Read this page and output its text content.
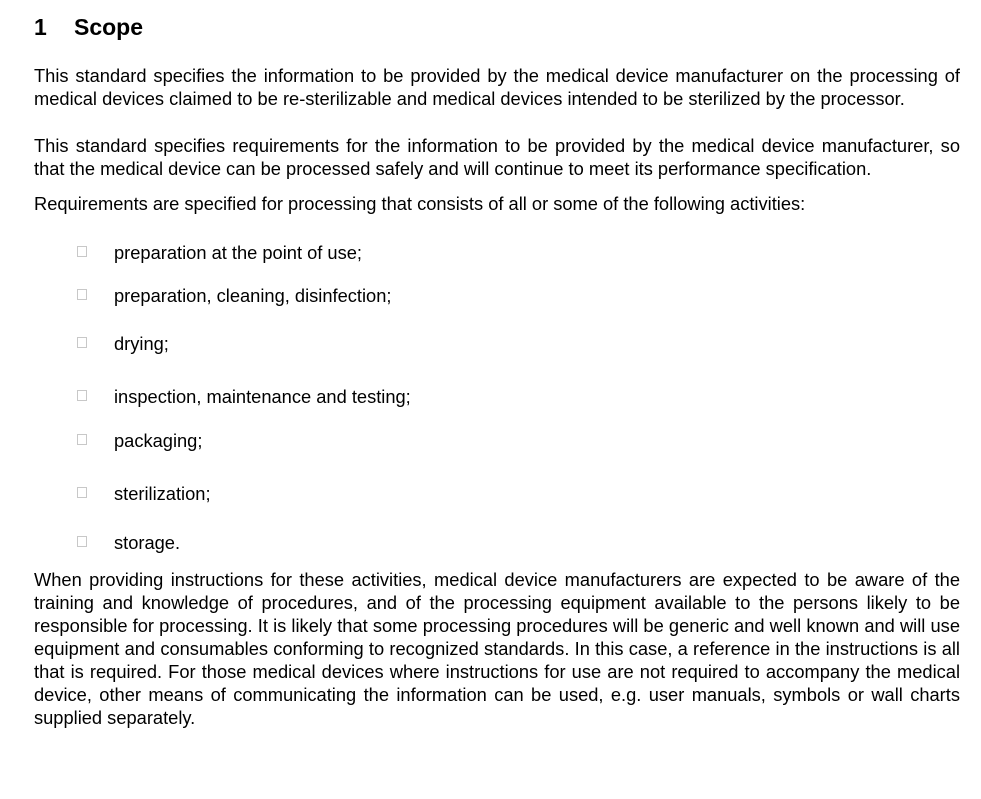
1	Scope

This standard specifies the information to be provided by the medical device manufacturer on the processing of medical devices claimed to be re-sterilizable and medical devices intended to be sterilized by the processor.

This standard specifies requirements for the information to be provided by the medical device manufacturer, so that the medical device can be processed safely and will continue to meet its performance specification.

Requirements are specified for processing that consists of all or some of the following activities:

preparation at the point of use;
preparation, cleaning, disinfection;
drying;
inspection, maintenance and testing;
packaging;
sterilization;
storage.

When providing instructions for these activities, medical device manufacturers are expected to be aware of the training and knowledge of procedures, and of the processing equipment available to the persons likely to be responsible for processing. It is likely that some processing procedures will be generic and well known and will use equipment and consumables conforming to recognized standards. In this case, a reference in the instructions is all that is required. For those medical devices where instructions for use are not required to accompany the medical device, other means of communicating the information can be used, e.g. user manuals, symbols or wall charts supplied separately.
